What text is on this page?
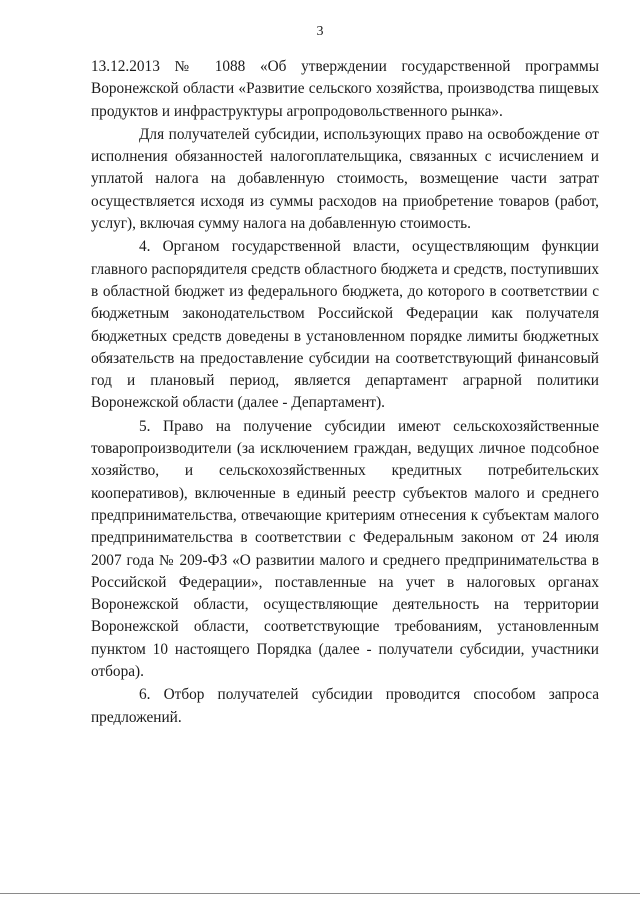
3

13.12.2013 № 1088 «Об утверждении государственной программы Воронежской области «Развитие сельского хозяйства, производства пищевых продуктов и инфраструктуры агропродовольственного рынка».

Для получателей субсидии, использующих право на освобождение от исполнения обязанностей налогоплательщика, связанных с исчислением и уплатой налога на добавленную стоимость, возмещение части затрат осуществляется исходя из суммы расходов на приобретение товаров (работ, услуг), включая сумму налога на добавленную стоимость.

4. Органом государственной власти, осуществляющим функции главного распорядителя средств областного бюджета и средств, поступивших в областной бюджет из федерального бюджета, до которого в соответствии с бюджетным законодательством Российской Федерации как получателя бюджетных средств доведены в установленном порядке лимиты бюджетных обязательств на предоставление субсидии на соответствующий финансовый год и плановый период, является департамент аграрной политики Воронежской области (далее - Департамент).

5. Право на получение субсидии имеют сельскохозяйственные товаропроизводители (за исключением граждан, ведущих личное подсобное хозяйство, и сельскохозяйственных кредитных потребительских кооперативов), включенные в единый реестр субъектов малого и среднего предпринимательства, отвечающие критериям отнесения к субъектам малого предпринимательства в соответствии с Федеральным законом от 24 июля 2007 года № 209-ФЗ «О развитии малого и среднего предпринимательства в Российской Федерации», поставленные на учет в налоговых органах Воронежской области, осуществляющие деятельность на территории Воронежской области, соответствующие требованиям, установленным пунктом 10 настоящего Порядка (далее - получатели субсидии, участники отбора).

6. Отбор получателей субсидии проводится способом запроса предложений.
